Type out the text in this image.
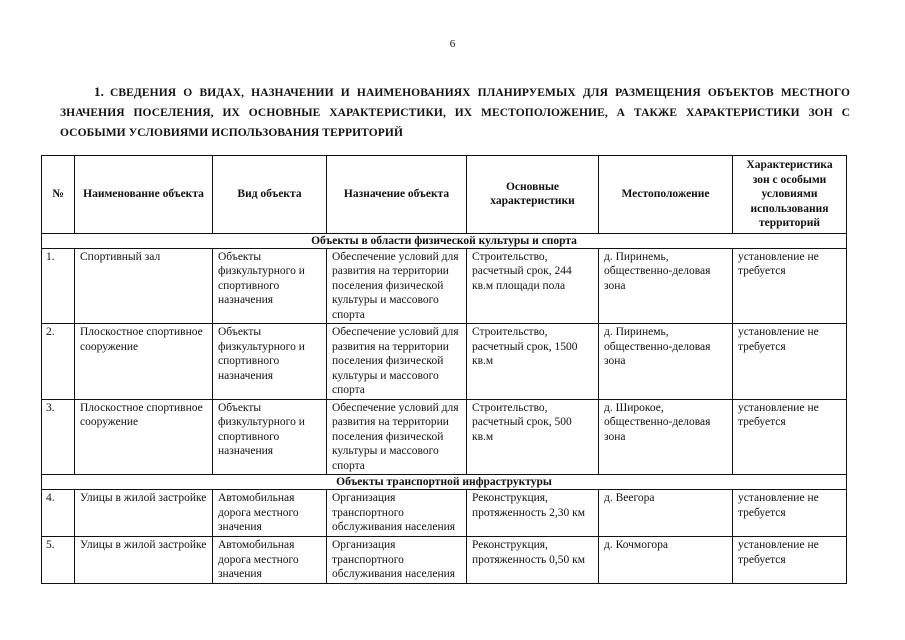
6
1. СВЕДЕНИЯ О ВИДАХ, НАЗНАЧЕНИИ И НАИМЕНОВАНИЯХ ПЛАНИРУЕМЫХ ДЛЯ РАЗМЕЩЕНИЯ ОБЪЕКТОВ МЕСТНОГО ЗНАЧЕНИЯ ПОСЕЛЕНИЯ, ИХ ОСНОВНЫЕ ХАРАКТЕРИСТИКИ, ИХ МЕСТОПОЛОЖЕНИЕ, А ТАКЖЕ ХАРАКТЕРИСТИКИ ЗОН С ОСОБЫМИ УСЛОВИЯМИ ИСПОЛЬЗОВАНИЯ ТЕРРИТОРИЙ
№	Наименование объекта	Вид объекта	Назначение объекта	Основные характеристики	Местоположение	Характеристика зон с особыми условиями использования территорий
Объекты в области физической культуры и спорта						
1.	Спортивный зал	Объекты физкультурного и спортивного назначения	Обеспечение условий для развития на территории поселения физической культуры и массового спорта	Строительство, расчетный срок, 244 кв.м площади пола	д. Пиринемь, общественно-деловая зона	установление не требуется
2.	Плоскостное спортивное сооружение	Объекты физкультурного и спортивного назначения	Обеспечение условий для развития на территории поселения физической культуры и массового спорта	Строительство, расчетный срок, 1500 кв.м	д. Пиринемь, общественно-деловая зона	установление не требуется
3.	Плоскостное спортивное сооружение	Объекты физкультурного и спортивного назначения	Обеспечение условий для развития на территории поселения физической культуры и массового спорта	Строительство, расчетный срок, 500 кв.м	д. Широкое, общественно-деловая зона	установление не требуется
Объекты транспортной инфраструктуры						
4.	Улицы в жилой застройке	Автомобильная дорога местного значения	Организация транспортного обслуживания населения	Реконструкция, протяженность 2,30 км	д. Веегора	установление не требуется
5.	Улицы в жилой застройке	Автомобильная дорога местного значения	Организация транспортного обслуживания населения	Реконструкция, протяженность 0,50 км	д. Кочмогора	установление не требуется
